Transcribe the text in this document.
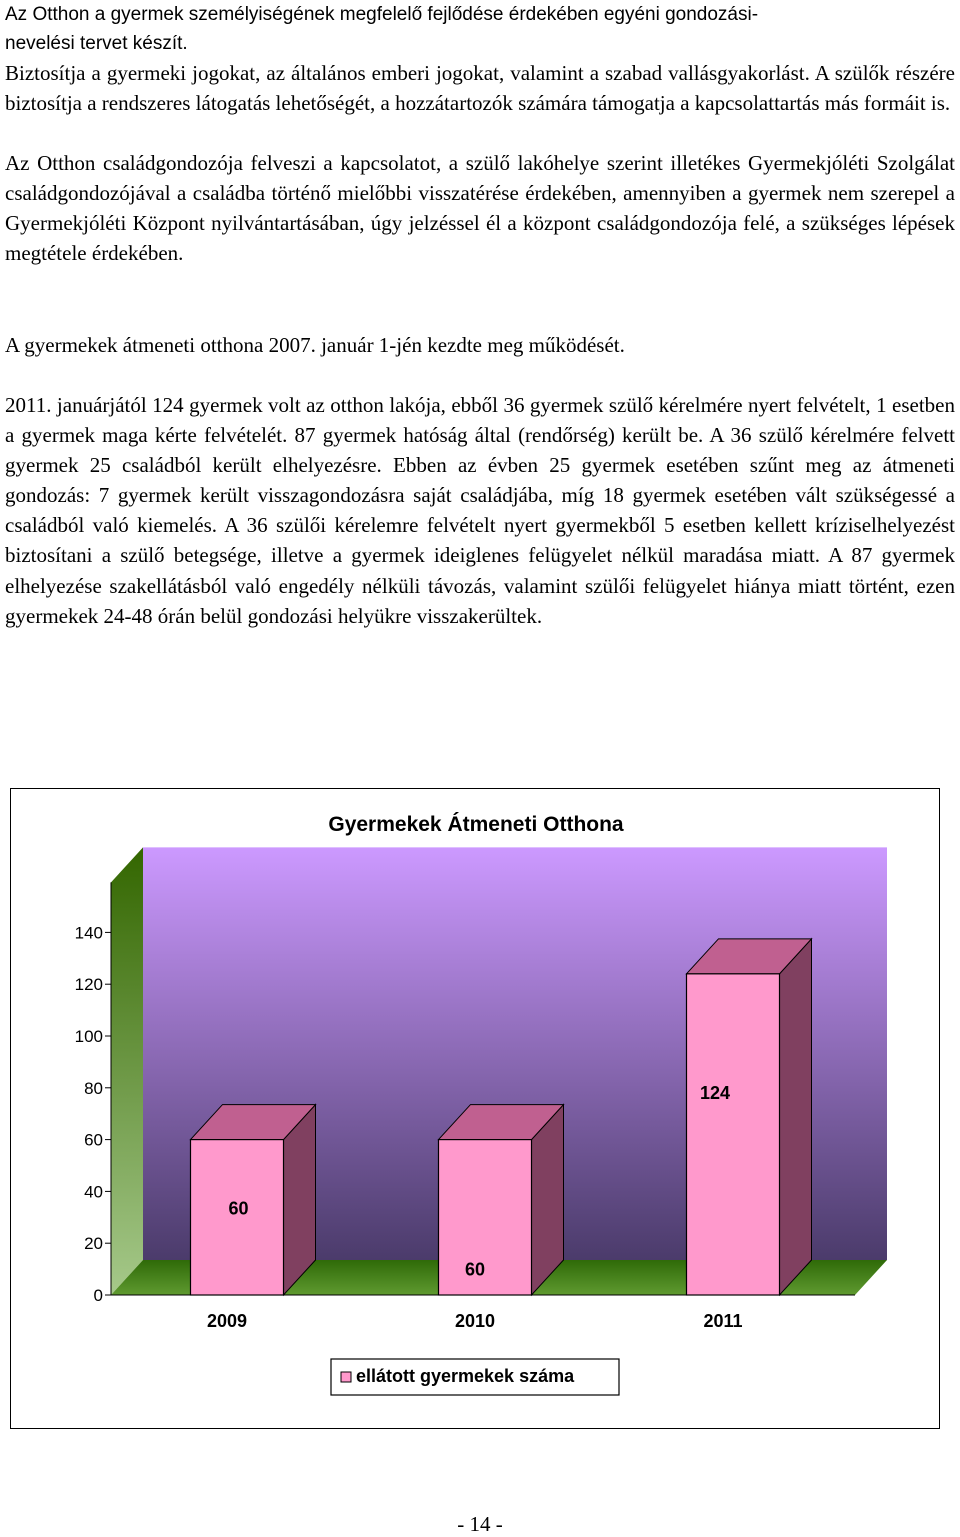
Az Otthon a gyermek személyiségének megfelelő fejlődése érdekében egyéni gondozási-

nevelési tervet készít.

Biztosítja a gyermeki jogokat, az általános emberi jogokat, valamint a szabad vallásgyakorlást. A szülők részére biztosítja a rendszeres látogatás lehetőségét, a hozzátartozók számára támogatja a kapcsolattartás más formáit is.

Az Otthon családgondozója felveszi a kapcsolatot, a szülő lakóhelye szerint illetékes Gyermekjóléti Szolgálat családgondozójával a családba történő mielőbbi visszatérése érdekében, amennyiben a gyermek nem szerepel a Gyermekjóléti Központ nyilvántartásában, úgy jelzéssel él a központ családgondozója felé, a szükséges lépések megtétele érdekében.

A gyermekek átmeneti otthona 2007. január 1-jén kezdte meg működését.

2011. januárjától 124 gyermek volt az otthon lakója, ebből 36 gyermek szülő kérelmére nyert felvételt, 1 esetben a gyermek maga kérte felvételét. 87 gyermek hatóság által (rendőrség) került be. A 36 szülő kérelmére felvett gyermek 25 családból került elhelyezésre. Ebben az évben 25 gyermek esetében szűnt meg az átmeneti gondozás: 7 gyermek került visszagondozásra saját családjába, míg 18 gyermek esetében vált szükségessé a családból való kiemelés. A 36 szülői kérelemre felvételt nyert gyermekből 5 esetben kellett kríziselhelyezést biztosítani a szülő betegsége, illetve a gyermek ideiglenes felügyelet nélkül maradása miatt. A 87 gyermek elhelyezése szakellátásból való engedély nélküli távozás, valamint szülői felügyelet hiánya miatt történt, ezen gyermekek 24-48 órán belül gondozási helyükre visszakerültek.

Gyermekek Átmeneti Otthona
0
20
40
60
80
100
120
140
60
60
124
2009	2010	2011
ellátott gyermekek száma
- 14 -
